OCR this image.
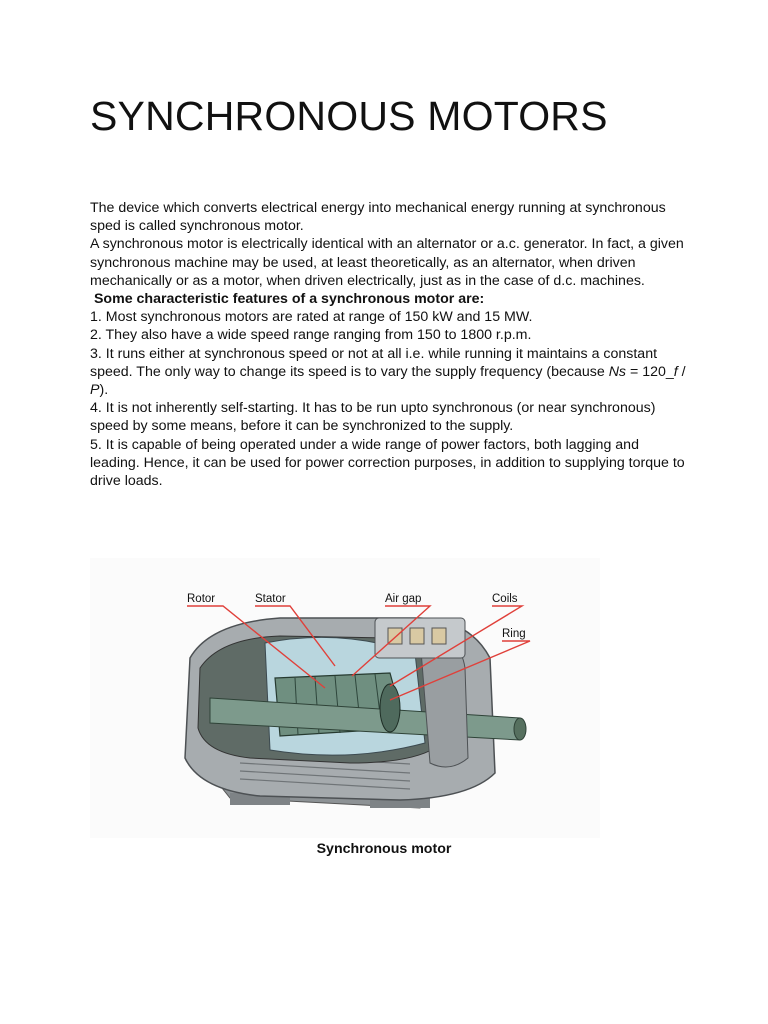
SYNCHRONOUS MOTORS

The device which converts electrical energy into mechanical energy running at synchronous sped is called synchronous motor.

A synchronous motor is electrically identical with an alternator or a.c. generator. In fact, a given synchronous machine may be used, at least theoretically, as an alternator, when driven mechanically or as a motor, when driven electrically, just as in the case of d.c. machines.

Some characteristic features of a synchronous motor are:

1. Most synchronous motors are rated at range of 150 kW and 15 MW.

2. They also have a wide speed range ranging from 150 to 1800 r.p.m.

3. It runs either at synchronous speed or not at all i.e. while running it maintains a constant speed. The only way to change its speed is to vary the supply frequency (because Ns = 120_f / P).

4. It is not inherently self-starting. It has to be run upto synchronous (or near synchronous) speed by some means, before it can be synchronized to the supply.

5. It is capable of being operated under a wide range of power factors, both lagging and leading. Hence, it can be used for power correction purposes, in addition to supplying torque to drive loads.

Rotor	Stator	Air gap	Coils
Ring
Synchronous motor
